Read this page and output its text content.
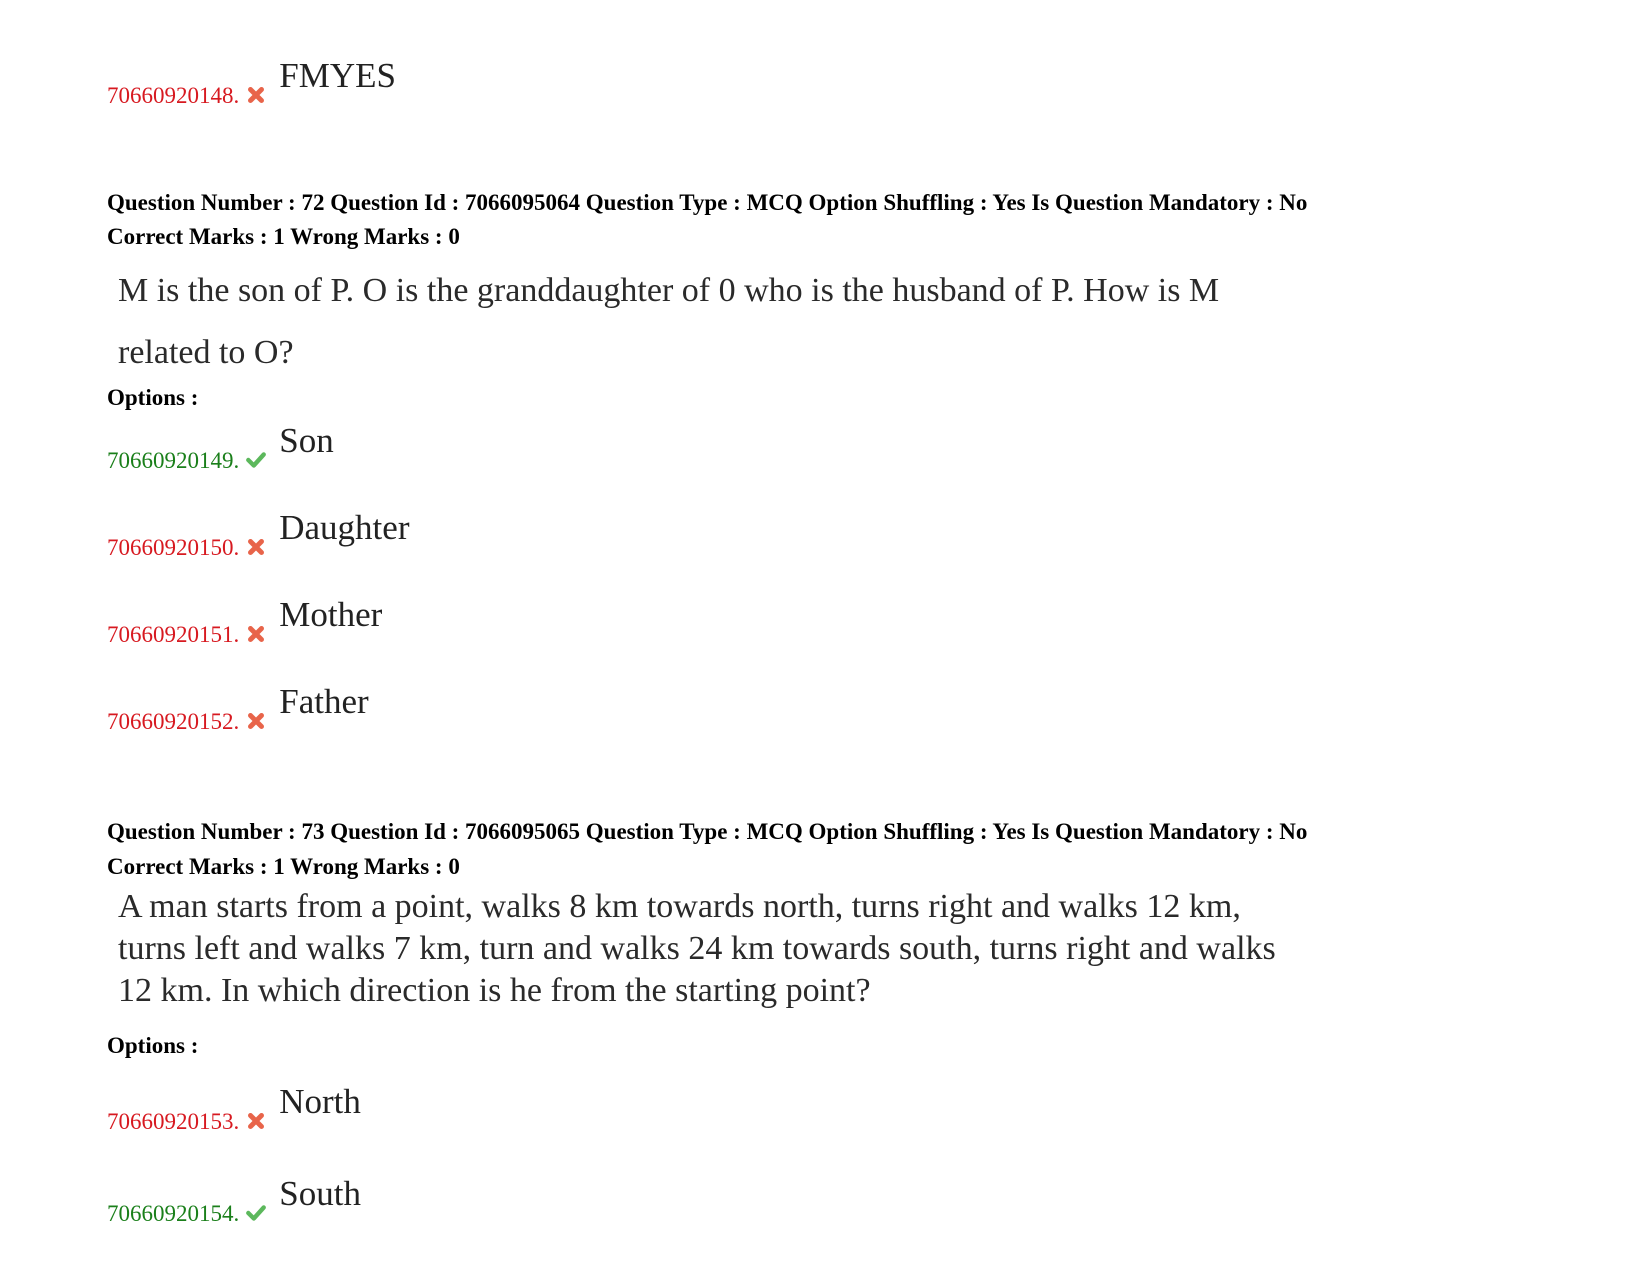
70660920148.
FMYES
Question Number : 72 Question Id : 7066095064 Question Type : MCQ Option Shuffling : Yes Is Question Mandatory : No
Correct Marks : 1 Wrong Marks : 0
M is the son of P. O is the granddaughter of 0 who is the husband of P. How is M
related to O?
Options :
70660920149.
Son
70660920150.
Daughter
70660920151.
Mother
70660920152.
Father
Question Number : 73 Question Id : 7066095065 Question Type : MCQ Option Shuffling : Yes Is Question Mandatory : No
Correct Marks : 1 Wrong Marks : 0
A man starts from a point, walks 8 km towards north, turns right and walks 12 km,
turns left and walks 7 km, turn and walks 24 km towards south, turns right and walks
12 km. In which direction is he from the starting point?
Options :
70660920153.
North
70660920154.
South
